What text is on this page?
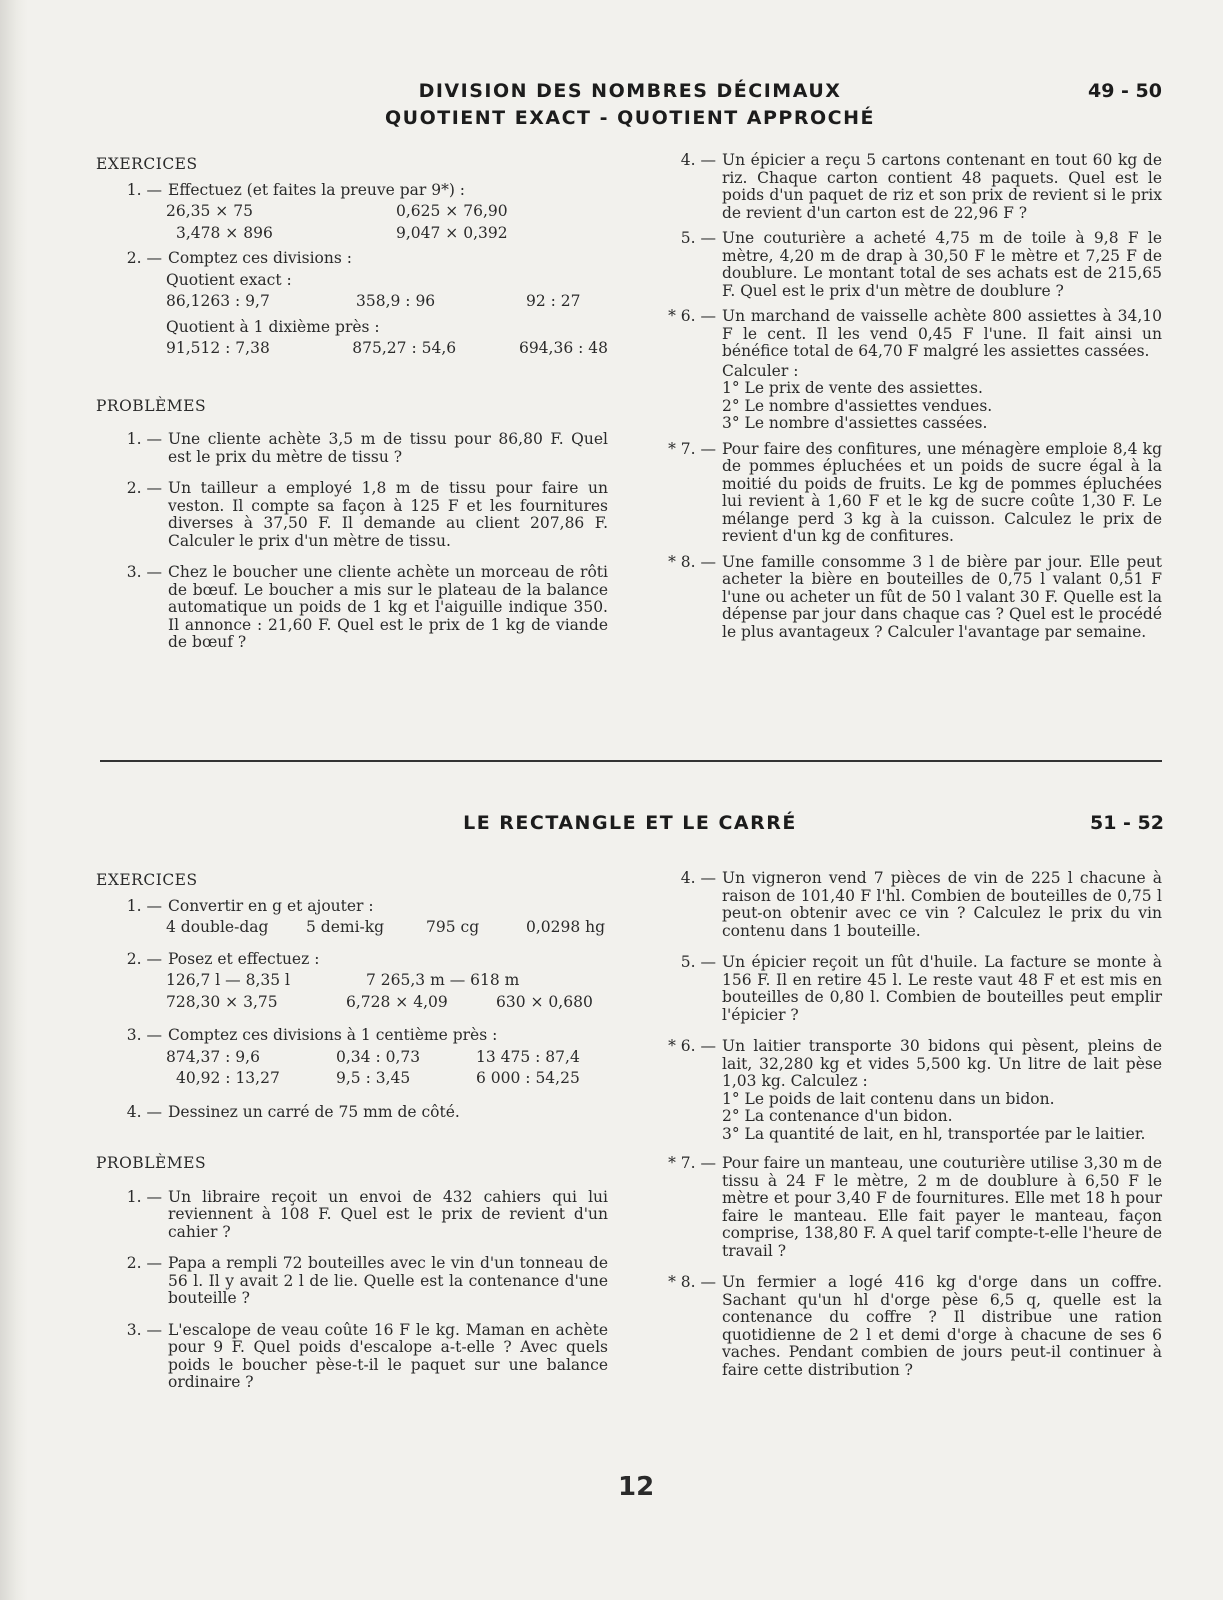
DIVISION DES NOMBRES DÉCIMAUX
QUOTIENT EXACT - QUOTIENT APPROCHÉ
49 - 50
EXERCICES
1. — Effectuez (et faites la preuve par 9*) :
26,35 × 75	0,625 × 76,90
3,478 × 896	9,047 × 0,392
2. — Comptez ces divisions :
Quotient exact :
86,1263 : 9,7	358,9 : 96	92 : 27
Quotient à 1 dixième près :
91,512 : 7,38	875,27 : 54,6	694,36 : 48
PROBLÈMES
1. — Une cliente achète 3,5 m de tissu pour 86,80 F. Quel est le prix du mètre de tissu ?
2. — Un tailleur a employé 1,8 m de tissu pour faire un veston. Il compte sa façon à 125 F et les fournitures diverses à 37,50 F. Il demande au client 207,86 F. Calculer le prix d'un mètre de tissu.
3. — Chez le boucher une cliente achète un morceau de rôti de bœuf. Le boucher a mis sur le plateau de la balance automatique un poids de 1 kg et l'aiguille indique 350. Il annonce : 21,60 F. Quel est le prix de 1 kg de viande de bœuf ?
4. — Un épicier a reçu 5 cartons contenant en tout 60 kg de riz. Chaque carton contient 48 paquets. Quel est le poids d'un paquet de riz et son prix de revient si le prix de revient d'un carton est de 22,96 F ?
5. — Une couturière a acheté 4,75 m de toile à 9,8 F le mètre, 4,20 m de drap à 30,50 F le mètre et 7,25 F de doublure. Le montant total de ses achats est de 215,65 F. Quel est le prix d'un mètre de doublure ?
* 6. — Un marchand de vaisselle achète 800 assiettes à 34,10 F le cent. Il les vend 0,45 F l'une. Il fait ainsi un bénéfice total de 64,70 F malgré les assiettes cassées.
Calculer :
1° Le prix de vente des assiettes.
2° Le nombre d'assiettes vendues.
3° Le nombre d'assiettes cassées.
* 7. — Pour faire des confitures, une ménagère emploie 8,4 kg de pommes épluchées et un poids de sucre égal à la moitié du poids de fruits. Le kg de pommes épluchées lui revient à 1,60 F et le kg de sucre coûte 1,30 F. Le mélange perd 3 kg à la cuisson. Calculez le prix de revient d'un kg de confitures.
* 8. — Une famille consomme 3 l de bière par jour. Elle peut acheter la bière en bouteilles de 0,75 l valant 0,51 F l'une ou acheter un fût de 50 l valant 30 F. Quelle est la dépense par jour dans chaque cas ? Quel est le procédé le plus avantageux ? Calculer l'avantage par semaine.
LE RECTANGLE ET LE CARRÉ	51 - 52
EXERCICES
1. — Convertir en g et ajouter :
4 double-dag	5 demi-kg	795 cg	0,0298 hg
2. — Posez et effectuez :
126,7 l — 8,35 l	7 265,3 m — 618 m
728,30 × 3,75	6,728 × 4,09	630 × 0,680
3. — Comptez ces divisions à 1 centième près :
874,37 : 9,6	0,34 : 0,73	13 475 : 87,4
40,92 : 13,27	9,5 : 3,45	6 000 : 54,25
4. — Dessinez un carré de 75 mm de côté.
PROBLÈMES
1. — Un libraire reçoit un envoi de 432 cahiers qui lui reviennent à 108 F. Quel est le prix de revient d'un cahier ?
2. — Papa a rempli 72 bouteilles avec le vin d'un tonneau de 56 l. Il y avait 2 l de lie. Quelle est la contenance d'une bouteille ?
3. — L'escalope de veau coûte 16 F le kg. Maman en achète pour 9 F. Quel poids d'escalope a-t-elle ? Avec quels poids le boucher pèse-t-il le paquet sur une balance ordinaire ?
4. — Un vigneron vend 7 pièces de vin de 225 l chacune à raison de 101,40 F l'hl. Combien de bouteilles de 0,75 l peut-on obtenir avec ce vin ? Calculez le prix du vin contenu dans 1 bouteille.
5. — Un épicier reçoit un fût d'huile. La facture se monte à 156 F. Il en retire 45 l. Le reste vaut 48 F et est mis en bouteilles de 0,80 l. Combien de bouteilles peut emplir l'épicier ?
* 6. — Un laitier transporte 30 bidons qui pèsent, pleins de lait, 32,280 kg et vides 5,500 kg. Un litre de lait pèse 1,03 kg. Calculez :
1° Le poids de lait contenu dans un bidon.
2° La contenance d'un bidon.
3° La quantité de lait, en hl, transportée par le laitier.
* 7. — Pour faire un manteau, une couturière utilise 3,30 m de tissu à 24 F le mètre, 2 m de doublure à 6,50 F le mètre et pour 3,40 F de fournitures. Elle met 18 h pour faire le manteau. Elle fait payer le manteau, façon comprise, 138,80 F. A quel tarif compte-t-elle l'heure de travail ?
* 8. — Un fermier a logé 416 kg d'orge dans un coffre. Sachant qu'un hl d'orge pèse 6,5 q, quelle est la contenance du coffre ? Il distribue une ration quotidienne de 2 l et demi d'orge à chacune de ses 6 vaches. Pendant combien de jours peut-il continuer à faire cette distribution ?
12
